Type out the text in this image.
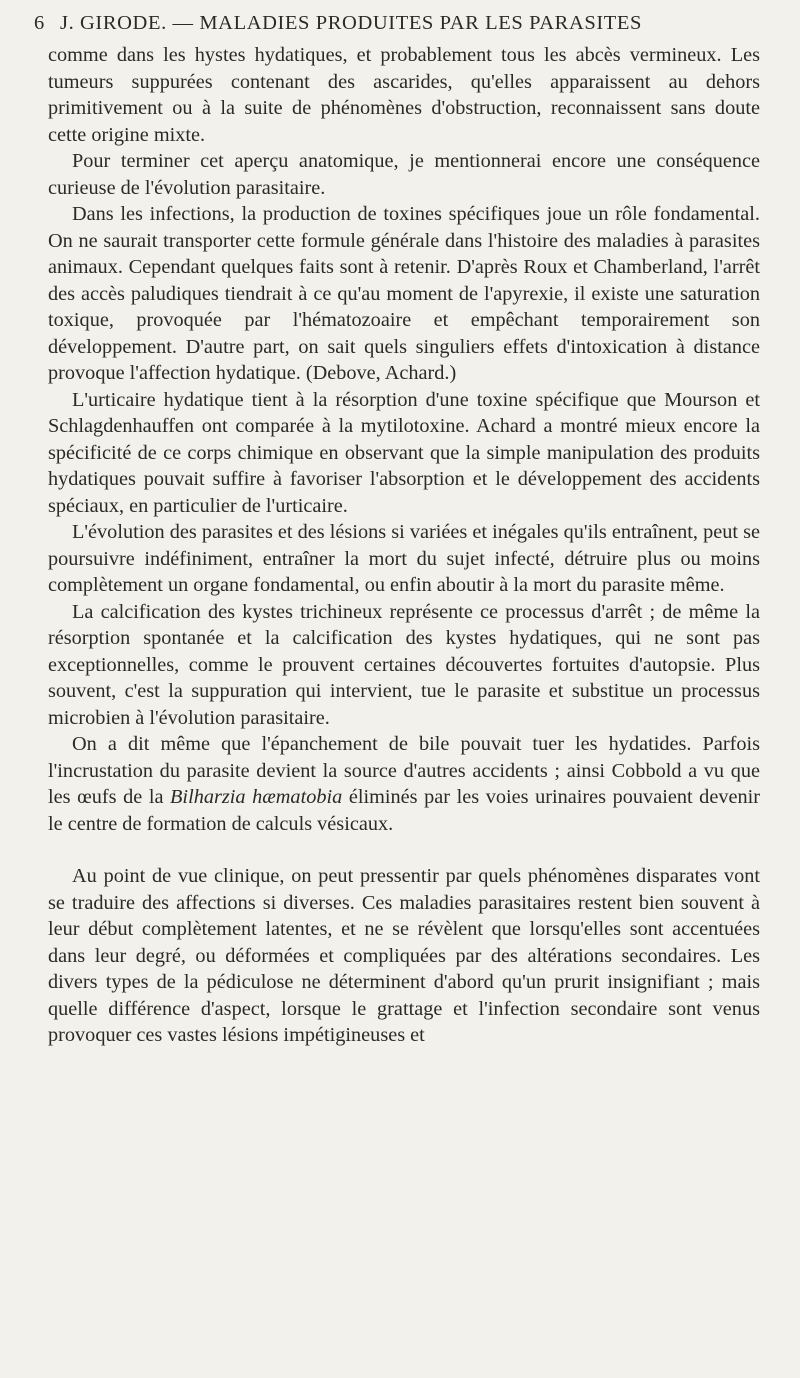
6 J. GIRODE. — MALADIES PRODUITES PAR LES PARASITES

comme dans les hystes hydatiques, et probablement tous les abcès vermineux. Les tumeurs suppurées contenant des ascarides, qu'elles apparaissent au dehors primitivement ou à la suite de phénomènes d'obstruction, reconnaissent sans doute cette origine mixte.

Pour terminer cet aperçu anatomique, je mentionnerai encore une conséquence curieuse de l'évolution parasitaire.

Dans les infections, la production de toxines spécifiques joue un rôle fondamental. On ne saurait transporter cette formule générale dans l'histoire des maladies à parasites animaux. Cependant quelques faits sont à retenir. D'après Roux et Chamberland, l'arrêt des accès paludiques tiendrait à ce qu'au moment de l'apyrexie, il existe une saturation toxique, provoquée par l'hématozoaire et empêchant temporairement son développement. D'autre part, on sait quels singuliers effets d'intoxication à distance provoque l'affection hydatique. (Debove, Achard.)

L'urticaire hydatique tient à la résorption d'une toxine spécifique que Mourson et Schlagdenhauffen ont comparée à la mytilotoxine. Achard a montré mieux encore la spécificité de ce corps chimique en observant que la simple manipulation des produits hydatiques pouvait suffire à favoriser l'absorption et le développement des accidents spéciaux, en particulier de l'urticaire.

L'évolution des parasites et des lésions si variées et inégales qu'ils entraînent, peut se poursuivre indéfiniment, entraîner la mort du sujet infecté, détruire plus ou moins complètement un organe fondamental, ou enfin aboutir à la mort du parasite même.

La calcification des kystes trichineux représente ce processus d'arrêt ; de même la résorption spontanée et la calcification des kystes hydatiques, qui ne sont pas exceptionnelles, comme le prouvent certaines découvertes fortuites d'autopsie. Plus souvent, c'est la suppuration qui intervient, tue le parasite et substitue un processus microbien à l'évolution parasitaire.

On a dit même que l'épanchement de bile pouvait tuer les hydatides. Parfois l'incrustation du parasite devient la source d'autres accidents ; ainsi Cobbold a vu que les œufs de la Bilharzia hæmatobia éliminés par les voies urinaires pouvaient devenir le centre de formation de calculs vésicaux.

Au point de vue clinique, on peut pressentir par quels phénomènes disparates vont se traduire des affections si diverses. Ces maladies parasitaires restent bien souvent à leur début complètement latentes, et ne se révèlent que lorsqu'elles sont accentuées dans leur degré, ou déformées et compliquées par des altérations secondaires. Les divers types de la pédiculose ne déterminent d'abord qu'un prurit insignifiant ; mais quelle différence d'aspect, lorsque le grattage et l'infection secondaire sont venus provoquer ces vastes lésions impétigineuses et
